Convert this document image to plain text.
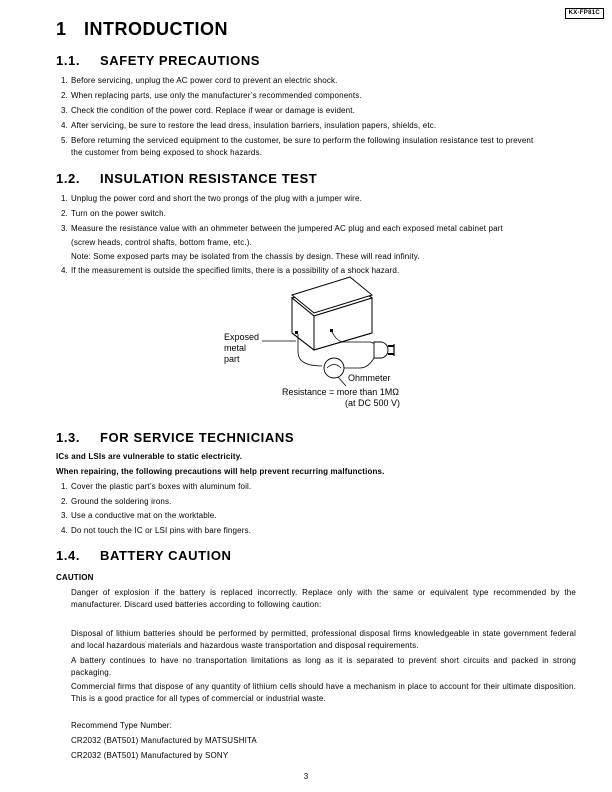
KX-FP81C
1 INTRODUCTION
1.1. SAFETY PRECAUTIONS
1. Before servicing, unplug the AC power cord to prevent an electric shock.
2. When replacing parts, use only the manufacturer’s recommended components.
3. Check the condition of the power cord. Replace if wear or damage is evident.
4. After servicing, be sure to restore the lead dress, insulation barriers, insulation papers, shields, etc.
5. Before returning the serviced equipment to the customer, be sure to perform the following insulation resistance test to prevent
the customer from being exposed to shock hazards.
1.2. INSULATION RESISTANCE TEST
1. Unplug the power cord and short the two prongs of the plug with a jumper wire.
2. Turn on the power switch.
3. Measure the resistance value with an ohmmeter between the jumpered AC plug and each exposed metal cabinet part
(screw heads, control shafts, bottom frame, etc.).
Note: Some exposed parts may be isolated from the chassis by design. These will read infinity.
4. If the measurement is outside the specified limits, there is a possibility of a shock hazard.
Exposed
metal
part
Ohmmeter
Resistance = more than 1MΩ
(at DC 500 V)
1.3. FOR SERVICE TECHNICIANS
ICs and LSIs are vulnerable to static electricity.
When repairing, the following precautions will help prevent recurring malfunctions.
1. Cover the plastic part’s boxes with aluminum foil.
2. Ground the soldering irons.
3. Use a conductive mat on the worktable.
4. Do not touch the IC or LSI pins with bare fingers.
1.4. BATTERY CAUTION
CAUTION
Danger of explosion if the battery is replaced incorrectly. Replace only with the same or equivalent type recommended by the manufacturer. Discard used batteries according to following caution:
Disposal of lithium batteries should be performed by permitted, professional disposal firms knowledgeable in state government federal and local hazardous materials and hazardous waste transportation and disposal requirements.
A battery continues to have no transportation limitations as long as it is separated to prevent short circuits and packed in strong packaging.
Commercial firms that dispose of any quantity of lithium cells should have a mechanism in place to account for their ultimate disposition. This is a good practice for all types of commercial or industrial waste.
Recommend Type Number:
CR2032 (BAT501) Manufactured by MATSUSHITA
CR2032 (BAT501) Manufactured by SONY
3
